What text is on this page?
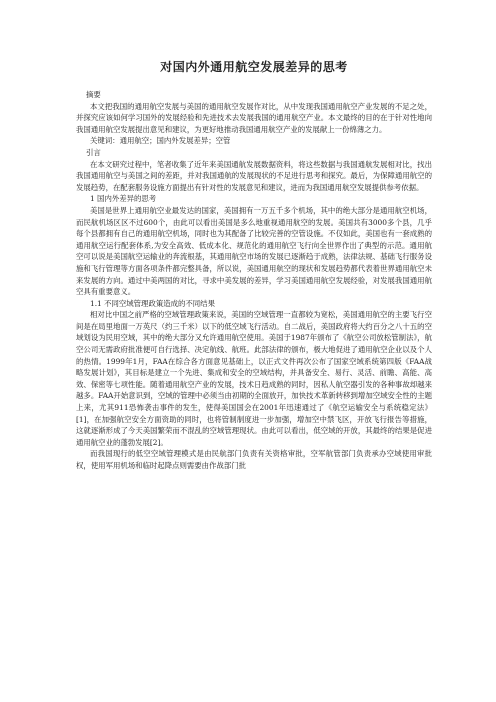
对国内外通用航空发展差异的思考
摘要

本文把我国的通用航空发展与美国的通用航空发展作对比，从中发现我国通用航空产业发展的不足之处，并探究应该如何学习国外的发展经验和先进技术去发展我国的通用航空产业。本文最终的目的在于针对性地向我国通用航空发展提出意见和建议，为更好地推动我国通用航空产业的发展献上一份绵薄之力。

关键词：通用航空；国内外发展差异；空管

引言

在本文研究过程中，笔者收集了近年来美国通航发展数据资料，将这些数据与我国通航发展相对比，找出我国通用航空与美国之间的差距，并对我国通航的发展现状的不足进行思考和探究。最后，为保障通用航空的发展趋势，在配套服务设施方面提出有针对性的发展意见和建议，进而为我国通用航空发展提供参考依据。

1 国内外差异的思考

美国是世界上通用航空业最发达的国家，美国拥有一万五千多个机场，其中的绝大部分是通用航空机场，而民航机场区区不过600个，由此可以看出美国是多么地重视通用航空的发展。美国共有3000多个县，几乎每个县都拥有自己的通用航空机场，同时也为其配备了比较完善的空管设施。不仅如此，美国也有一套成熟的通用航空运行配套体系,为安全高效、低成本化、规范化的通用航空飞行向全世界作出了典型的示范。通用航空可以说是美国航空运输业的奔流根基，其通用航空市场的发展已逐渐趋于成熟，法律法规、基础飞行服务设施和飞行管理等方面各项条件都完整具备，所以说，美国通用航空的现状和发展趋势都代表着世界通用航空未来发展的方向。通过中美两国的对比，寻求中美发展的差异，学习美国通用航空发展经验，对发展我国通用航空具有重要意义。

1.1 不同空域管理政策造成的不同结果

相对比中国之前严格的空域管理政策来说，美国的空域管理一直都较为宽松，美国通用航空的主要飞行空间是在局里地面一万英尺（约三千米）以下的低空域飞行活动。自二战后，美国政府将大约百分之八十五的空域划设为民用空域，其中的绝大部分又允许通用航空使用。美国于1987年颁布了《航空公司放松管制法》，航空公司无需政府批准便可自行选择、决定航线、航班。此部法律的颁布，极大地促进了通用航空企业以及个人的热情。1999年1月，FAA在综合各方面意见基础上，以正式文件再次公布了国家空域系统第四版《FAA战略发展计划》，其目标是建立一个先进、集成和安全的空域结构，并具备安全、易行、灵活、前瞻、高能、高效、保密等七项性能。随着通用航空产业的发展，技术日趋成熟的同时，因私人航空器引发的各种事故却越来越多。FAA开始意识到，空域的管理中必须当由初期的全面放开，加快技术革新转移到增加空域安全性的主题上来，尤其911恐怖袭击事件的发生，使得美国国会在2001年迅速通过了《航空运输安全与系统稳定法》[1]，在加强航空安全方面资助的同时，也将管制制度进一步加强，增加空中禁飞区，开放飞行报告等措施，这就逐渐形成了今天美国繁荣而不混乱的空域管理现状。由此可以看出，低空域的开放，其最终的结果是促进通用航空业的蓬勃发展[2]。

而我国现行的低空空域管理模式是由民航部门负责有关资格审批，空军航管部门负责承办空域使用审批权，使用军用机场和临时起降点则需要由作战部门批
